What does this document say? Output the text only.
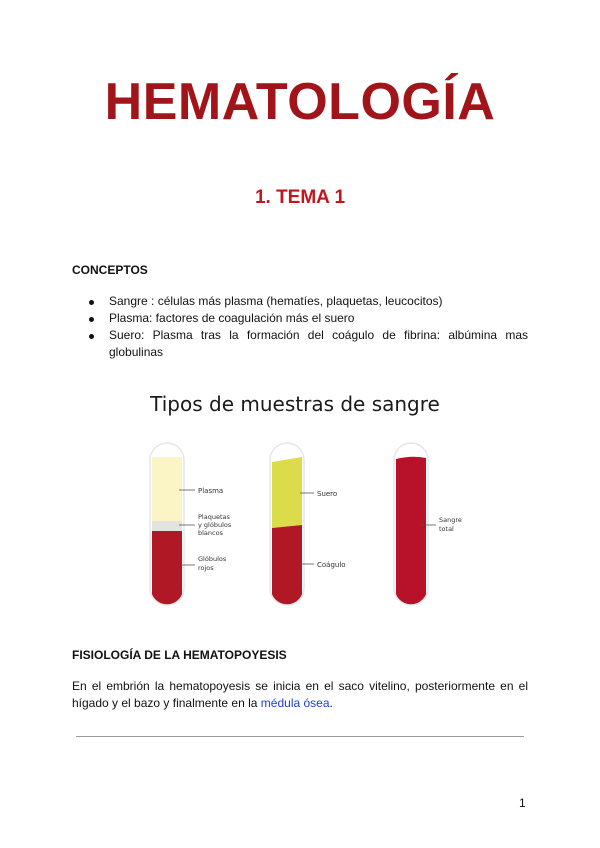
HEMATOLOGÍA
1. TEMA 1

CONCEPTOS

Sangre : células más plasma (hematíes, plaquetas, leucocitos)
Plasma: factores de coagulación más el suero
Suero: Plasma tras la formación del coágulo de fibrina: albúmina mas globulinas
Tipos de muestras de sangre
Plasma
Plaquetas y glóbulos blancos
Glóbulos rojos
Suero
Coágulo
Sangre total

FISIOLOGÍA DE LA HEMATOPOYESIS

En el embrión la hematopoyesis se inicia en el saco vitelino, posteriormente en el hígado y el bazo y finalmente en la médula ósea.

1
